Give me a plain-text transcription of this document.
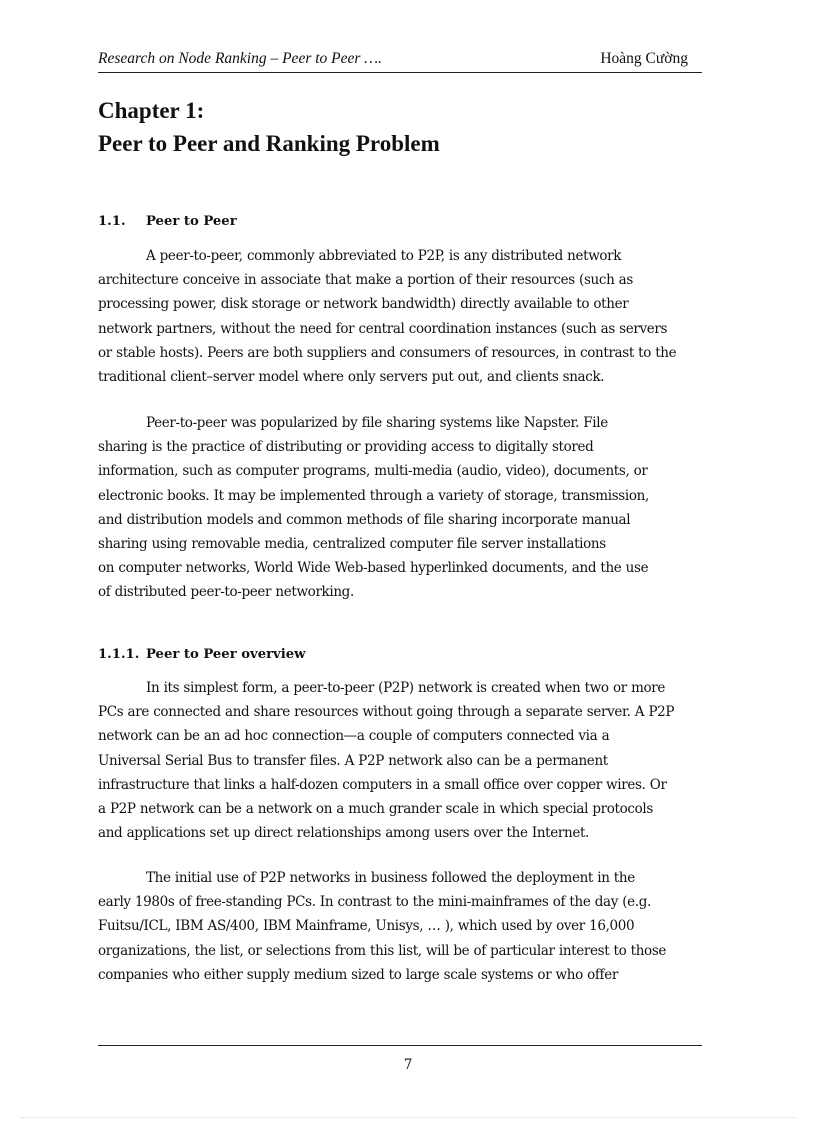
Research on Node Ranking – Peer to Peer ….	Hoàng Cường
Chapter 1:
Peer to Peer and Ranking Problem
1.1. Peer to Peer
A peer-to-peer, commonly abbreviated to P2P, is any distributed network
architecture conceive in associate that make a portion of their resources (such as
processing power, disk storage or network bandwidth) directly available to other
network partners, without the need for central coordination instances (such as servers
or stable hosts). Peers are both suppliers and consumers of resources, in contrast to the
traditional client–server model where only servers put out, and clients snack.
Peer-to-peer was popularized by file sharing systems like Napster. File
sharing is the practice of distributing or providing access to digitally stored
information, such as computer programs, multi-media (audio, video), documents, or
electronic books. It may be implemented through a variety of storage, transmission,
and distribution models and common methods of file sharing incorporate manual
sharing using removable media, centralized computer file server installations
on computer networks, World Wide Web-based hyperlinked documents, and the use
of distributed peer-to-peer networking.
1.1.1. Peer to Peer overview
In its simplest form, a peer-to-peer (P2P) network is created when two or more
PCs are connected and share resources without going through a separate server. A P2P
network can be an ad hoc connection—a couple of computers connected via a
Universal Serial Bus to transfer files. A P2P network also can be a permanent
infrastructure that links a half-dozen computers in a small office over copper wires. Or
a P2P network can be a network on a much grander scale in which special protocols
and applications set up direct relationships among users over the Internet.
The initial use of P2P networks in business followed the deployment in the
early 1980s of free-standing PCs. In contrast to the mini-mainframes of the day (e.g.
Fuitsu/ICL, IBM AS/400, IBM Mainframe, Unisys, … ), which used by over 16,000
organizations, the list, or selections from this list, will be of particular interest to those
companies who either supply medium sized to large scale systems or who offer
7
